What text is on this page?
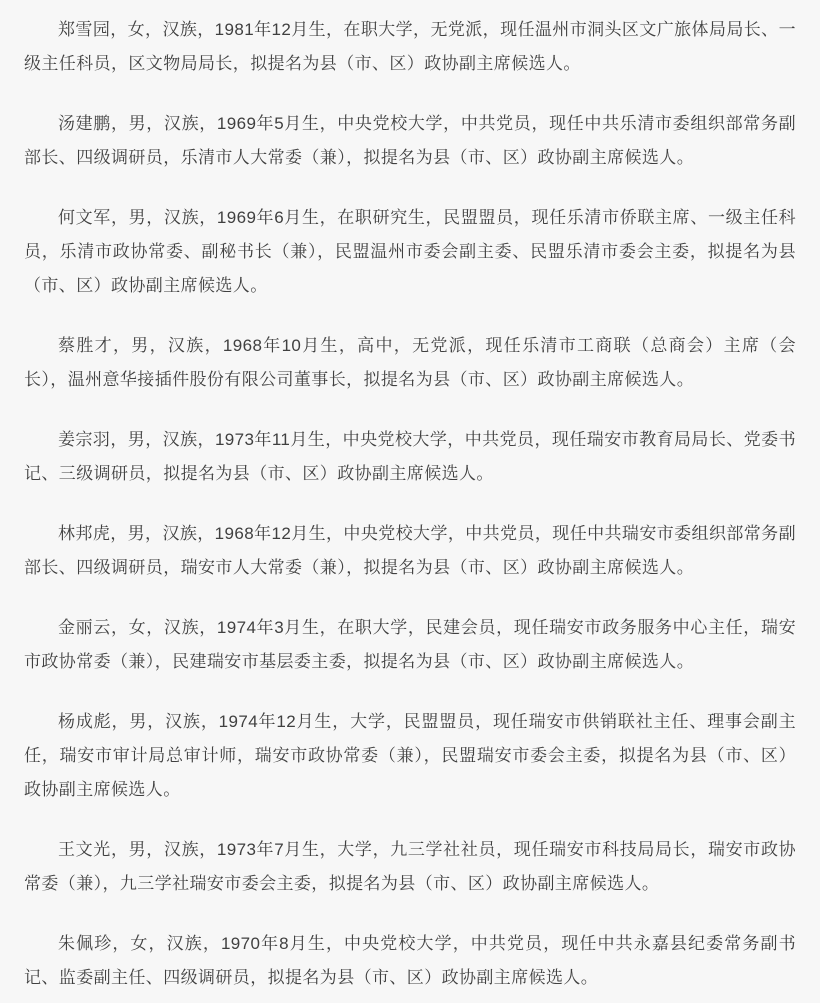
郑雪园，女，汉族，1981年12月生，在职大学，无党派，现任温州市洞头区文广旅体局局长、一级主任科员，区文物局局长，拟提名为县（市、区）政协副主席候选人。

汤建鹏，男，汉族，1969年5月生，中央党校大学，中共党员，现任中共乐清市委组织部常务副部长、四级调研员，乐清市人大常委（兼），拟提名为县（市、区）政协副主席候选人。

何文军，男，汉族，1969年6月生，在职研究生，民盟盟员，现任乐清市侨联主席、一级主任科员，乐清市政协常委、副秘书长（兼），民盟温州市委会副主委、民盟乐清市委会主委，拟提名为县（市、区）政协副主席候选人。

蔡胜才，男，汉族，1968年10月生，高中，无党派，现任乐清市工商联（总商会）主席（会长），温州意华接插件股份有限公司董事长，拟提名为县（市、区）政协副主席候选人。

姜宗羽，男，汉族，1973年11月生，中央党校大学，中共党员，现任瑞安市教育局局长、党委书记、三级调研员，拟提名为县（市、区）政协副主席候选人。

林邦虎，男，汉族，1968年12月生，中央党校大学，中共党员，现任中共瑞安市委组织部常务副部长、四级调研员，瑞安市人大常委（兼），拟提名为县（市、区）政协副主席候选人。

金丽云，女，汉族，1974年3月生，在职大学，民建会员，现任瑞安市政务服务中心主任，瑞安市政协常委（兼），民建瑞安市基层委主委，拟提名为县（市、区）政协副主席候选人。

杨成彪，男，汉族，1974年12月生，大学，民盟盟员，现任瑞安市供销联社主任、理事会副主任，瑞安市审计局总审计师，瑞安市政协常委（兼），民盟瑞安市委会主委，拟提名为县（市、区）政协副主席候选人。

王文光，男，汉族，1973年7月生，大学，九三学社社员，现任瑞安市科技局局长，瑞安市政协常委（兼），九三学社瑞安市委会主委，拟提名为县（市、区）政协副主席候选人。

朱佩珍，女，汉族，1970年8月生，中央党校大学，中共党员，现任中共永嘉县纪委常务副书记、监委副主任、四级调研员，拟提名为县（市、区）政协副主席候选人。
